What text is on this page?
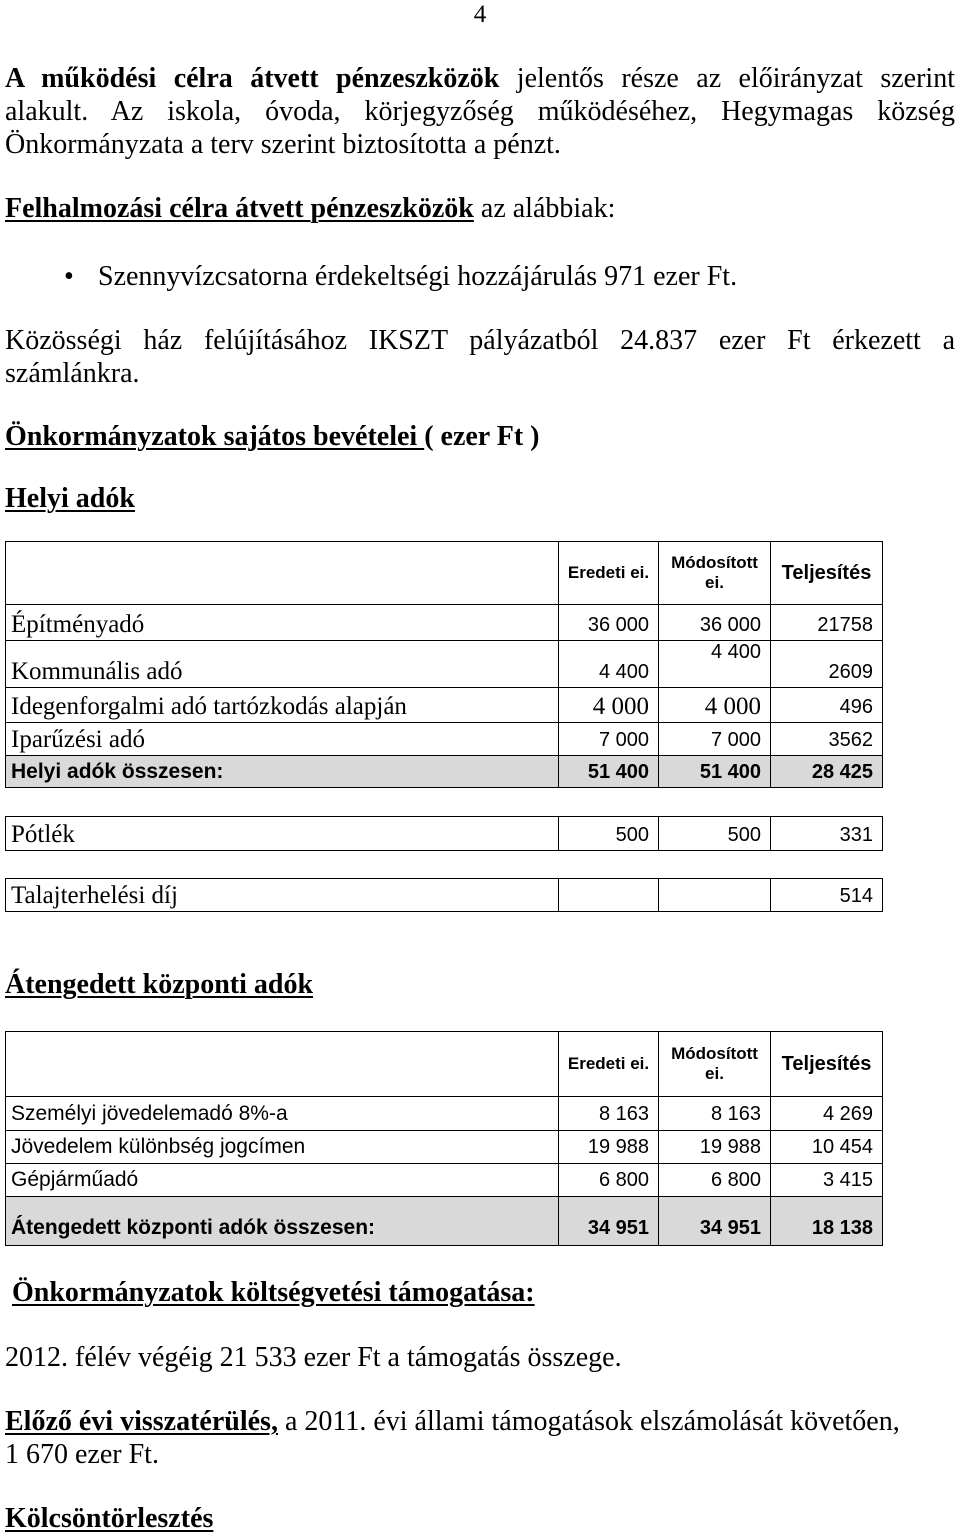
4
A működési célra átvett pénzeszközök jelentős része az előirányzat szerint
alakult. Az iskola, óvoda, körjegyzőség működéséhez, Hegymagas község
Önkormányzata a terv szerint biztosította a pénzt.
Felhalmozási célra átvett pénzeszközök az alábbiak:
• Szennyvízcsatorna érdekeltségi hozzájárulás 971 ezer Ft.
Közösségi ház felújításához IKSZT pályázatból 24.837 ezer Ft érkezett a
számlánkra.
Önkormányzatok sajátos bevételei ( ezer Ft )
Helyi adók
	Eredeti ei.	Módosított ei.	Teljesítés
Építményadó	36 000	36 000	21758
Kommunális adó	4 400	4 400	2609
Idegenforgalmi adó tartózkodás alapján	4 000	4 000	496
Iparűzési adó	7 000	7 000	3562
Helyi adók összesen:	51 400	51 400	28 425
Pótlék	500	500	331
Talajterhelési díj			514
Átengedett központi adók
	Eredeti ei.	Módosított ei.	Teljesítés
Személyi jövedelemadó 8%-a	8 163	8 163	4 269
Jövedelem különbség jogcímen	19 988	19 988	10 454
Gépjárműadó	6 800	6 800	3 415
Átengedett központi adók összesen:	34 951	34 951	18 138
Önkormányzatok költségvetési támogatása:
2012. félév végéig 21 533 ezer Ft a támogatás összege.
Előző évi visszatérülés, a 2011. évi állami támogatások elszámolását követően,
1 670 ezer Ft.
Kölcsöntörlesztés
